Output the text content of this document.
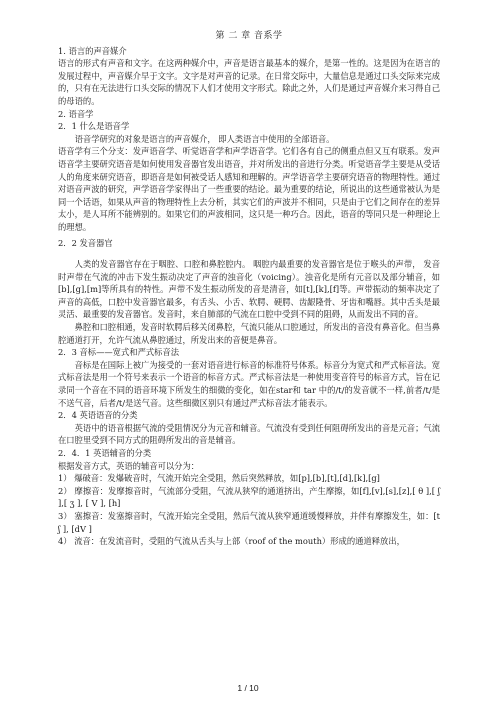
第 二 章 音系学

1. 语言的声音媒介

语言的形式有声音和文字。在这两种媒介中，声音是语言最基本的媒介，是第一性的。这是因为在语言的发展过程中，声音媒介早于文字。文字是对声音的记录。在日常交际中，大量信息是通过口头交际来完成的，只有在无法进行口头交际的情况下人们才使用文字形式。除此之外，人们是通过声音媒介来习得自己的母语的。

2. 语音学

2．1 什么是语音学

语音学研究的对象是语言的声音媒介， 即人类语言中使用的全部语音。

语音学有三个分支：发声语音学、听觉语音学和声学语音学。它们各有自己的侧重点但又互有联系。发声语音学主要研究语音是如何使用发音器官发出语音，并对所发出的音进行分类。听觉语音学主要是从受话人的角度来研究语音，即语音是如何被受话人感知和理解的。声学语音学主要研究语音的物理特性。通过对语音声波的研究，声学语音学家得出了一些重要的结论。最为重要的结论，所说出的这些通常被认为是同一个话语，如果从声音的物理特性上去分析，其实它们的声波并不相同，只是由于它们之间存在的差异太小，是人耳所不能辨别的。如果它们的声波相同，这只是一种巧合。因此，语音的等同只是一种理论上的理想。

2．2 发音器官

人类的发音器官存在于咽腔、口腔和鼻腔腔内。 咽腔内最重要的发音器官是位于喉头的声带， 发音时声带在气流的冲击下发生振动决定了声音的浊音化（voicing）。浊音化是所有元音以及部分辅音，如[b],[g],[m]等所具有的特性。声带不发生振动所发的音是清音，如[t],[k],[f]等。声带振动的频率决定了声音的高低，口腔中发音器官最多，有舌头、小舌、软腭、硬腭、齿龈隆骨、牙齿和嘴唇。其中舌头是最灵活、最重要的发音器官。发音时，来自肺部的气流在口腔中受到不同的阻碍，从而发出不同的音。

鼻腔和口腔相通，发音时软腭后移关闭鼻腔，气流只能从口腔通过，所发出的音没有鼻音化。但当鼻腔通道打开，允许气流从鼻腔通过，所发出来的音便是鼻音。

2．3 音标——宽式和严式标音法

音标是在国际上被广为接受的一套对语音进行标音的标准符号体系。标音分为宽式和严式标音法。宽式标音法是用一个符号来表示一个语音的标音方式。严式标音法是一种使用变音符号的标音方式，旨在记录同一个音在不同的语音环境下所发生的细微的变化，如在star和 tar 中的/t/的发音就不一样,前者/t/是不送气音，后者/t/是送气音。这些细微区别只有通过严式标音法才能表示。

2．4 英语语音的分类

英语中的语音根据气流的受阻情况分为元音和辅音。气流没有受到任何阻碍所发出的音是元音；气流在口腔里受到不同方式的阻碍所发出的音是辅音。

2．4．1 英语辅音的分类

根据发音方式，英语的辅音可以分为：

1） 爆破音：发爆破音时，气流开始完全受阻，然后突然释放，如[p],[b],[t],[d],[k],[g]

2） 摩擦音：发摩擦音时，气流部分受阻，气流从狭窄的通道挤出，产生摩擦，如[f],[v],[s],[z],[ θ ],[ ʃ ],[ ʒ ], [ V ], [h]

3） 塞擦音：发塞擦音时，气流开始完全受阻，然后气流从狭窄通道缓慢释放，并伴有摩擦发生，如：[t ʃ ], [dV ]

4） 流音：在发流音时，受阻的气流从舌头与上部（roof of the mouth）形成的通道释放出，

1 / 10
